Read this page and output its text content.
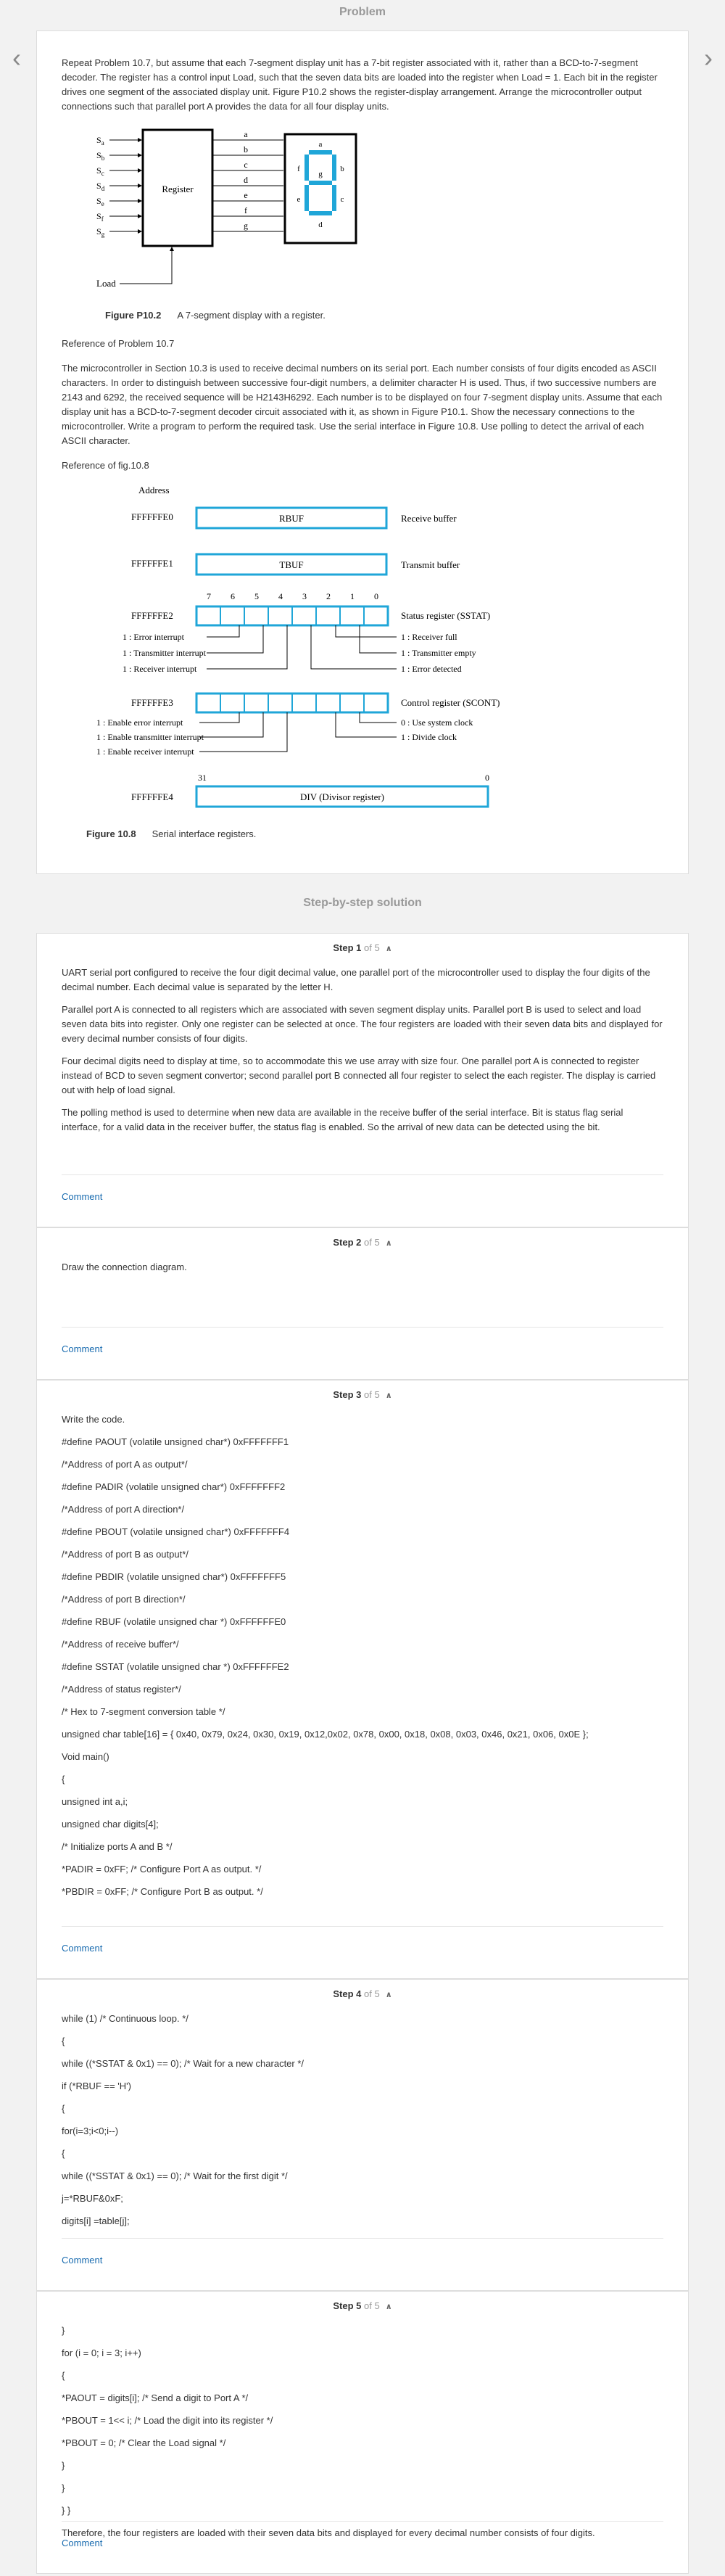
Problem
‹	›

Repeat Problem 10.7, but assume that each 7-segment display unit has a 7-bit register associated with it, rather than a BCD-to-7-segment decoder. The register has a control input Load, such that the seven data bits are loaded into the register when Load = 1. Each bit in the register drives one segment of the associated display unit. Figure P10.2 shows the register-display arrangement. Arrange the microcontroller output connections such that parallel port A provides the data for all four display units.

$S_a$
$S_b$
$S_c$
$S_d$
$S_e$
$S_f$
$S_g$
Register
a
b
c
d
e
f
g
a
b
c
d
e
f
g
Load
Figure P10.2 A 7-segment display with a register.

Reference of Problem 10.7

The microcontroller in Section 10.3 is used to receive decimal numbers on its serial port. Each number consists of four digits encoded as ASCII characters. In order to distinguish between successive four-digit numbers, a delimiter character H is used. Thus, if two successive numbers are 2143 and 6292, the received sequence will be H2143H6292. Each number is to be displayed on four 7-segment display units. Assume that each display unit has a BCD-to-7-segment decoder circuit associated with it, as shown in Figure P10.1. Show the necessary connections to the microcontroller. Write a program to perform the required task. Use the serial interface in Figure 10.8. Use polling to detect the arrival of each ASCII character.

Reference of fig.10.8

Address
FFFFFFE0	RBUF	Receive buffer
FFFFFFE1	TBUF	Transmit buffer
7 6 5 4 3 2 1 0
FFFFFFE2	Status register (SSTAT)
1 : Error interrupt
1 : Transmitter interrupt
1 : Receiver interrupt
1 : Receiver full
1 : Transmitter empty
1 : Error detected
FFFFFFE3	Control register (SCONT)
1 : Enable error interrupt
1 : Enable transmitter interrupt
1 : Enable receiver interrupt
0 : Use system clock
1 : Divide clock
31	0
FFFFFFE4	DIV (Divisor register)
Figure 10.8 Serial interface registers.
Step-by-step solution
Step 1 of 5 ∧

UART serial port configured to receive the four digit decimal value, one parallel port of the microcontroller used to display the four digits of the decimal number. Each decimal value is separated by the letter H.

Parallel port A is connected to all registers which are associated with seven segment display units. Parallel port B is used to select and load seven data bits into register. Only one register can be selected at once. The four registers are loaded with their seven data bits and displayed for every decimal number consists of four digits.

Four decimal digits need to display at time, so to accommodate this we use array with size four. One parallel port A is connected to register instead of BCD to seven segment convertor; second parallel port B connected all four register to select the each register. The display is carried out with help of load signal.

The polling method is used to determine when new data are available in the receive buffer of the serial interface. Bit is status flag serial interface, for a valid data in the receiver buffer, the status flag is enabled. So the arrival of new data can be detected using the bit.

Comment
Step 2 of 5 ∧

Draw the connection diagram.

Comment
Step 3 of 5 ∧

Write the code.

#define PAOUT (volatile unsigned char*) 0xFFFFFFF1

/*Address of port A as output*/

#define PADIR (volatile unsigned char*) 0xFFFFFFF2

/*Address of port A direction*/

#define PBOUT (volatile unsigned char*) 0xFFFFFFF4

/*Address of port B as output*/

#define PBDIR (volatile unsigned char*) 0xFFFFFFF5

/*Address of port B direction*/

#define RBUF (volatile unsigned char *) 0xFFFFFFE0

/*Address of receive buffer*/

#define SSTAT (volatile unsigned char *) 0xFFFFFFE2

/*Address of status register*/

/* Hex to 7-segment conversion table */

unsigned char table[16] = { 0x40, 0x79, 0x24, 0x30, 0x19, 0x12,0x02, 0x78, 0x00, 0x18, 0x08, 0x03, 0x46, 0x21, 0x06, 0x0E };

Void main()

{

unsigned int a,i;

unsigned char digits[4];

/* Initialize ports A and B */

*PADIR = 0xFF; /* Configure Port A as output. */

*PBDIR = 0xFF; /* Configure Port B as output. */

Comment
Step 4 of 5 ∧

while (1) /* Continuous loop. */

{

while ((*SSTAT & 0x1) == 0); /* Wait for a new character */

if (*RBUF == 'H')

{

for(i=3;i<0;i--)

{

while ((*SSTAT & 0x1) == 0); /* Wait for the first digit */

j=*RBUF&0xF;

digits[i] =table[j];

Comment
Step 5 of 5 ∧

}

for (i = 0; i = 3; i++)

{

*PAOUT = digits[i]; /* Send a digit to Port A */

*PBOUT = 1<< i; /* Load the digit into its register */

*PBOUT = 0; /* Clear the Load signal */

}

}

} }

Therefore, the four registers are loaded with their seven data bits and displayed for every decimal number consists of four digits.

Comment
